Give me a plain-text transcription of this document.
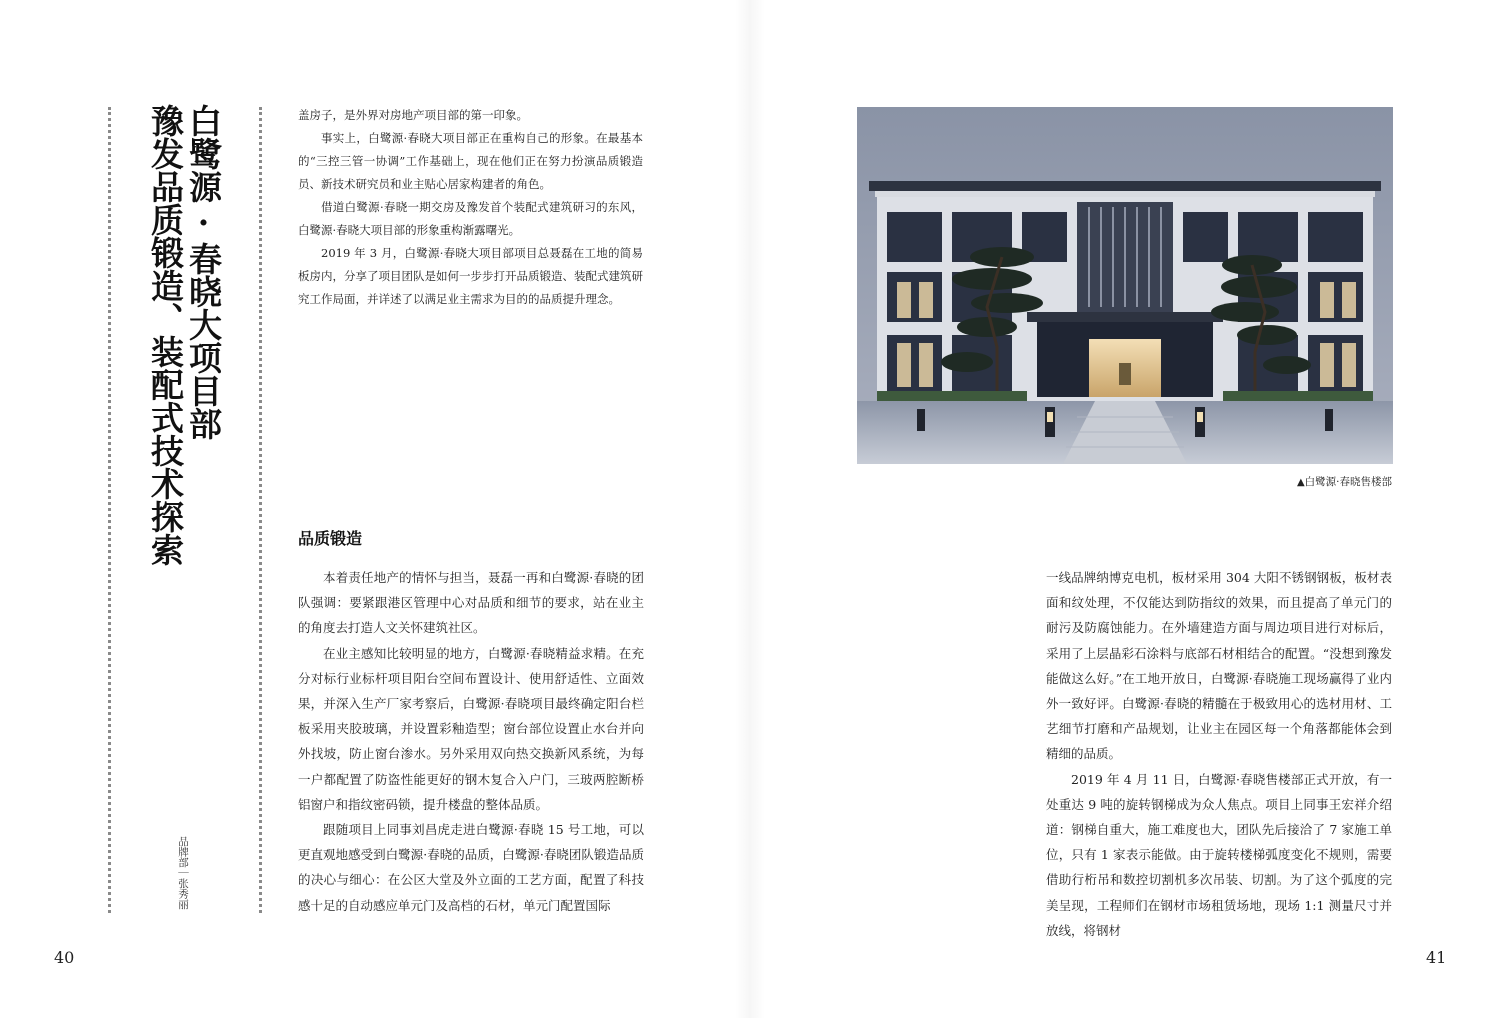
白鹭源·春晓大项目部
豫发品质锻造、装配式技术探索
品牌部｜张秀丽

盖房子，是外界对房地产项目部的第一印象。

事实上，白鹭源·春晓大项目部正在重构自己的形象。在最基本的“三控三管一协调”工作基础上，现在他们正在努力扮演品质锻造员、新技术研究员和业主贴心居家构建者的角色。

借道白鹭源·春晓一期交房及豫发首个装配式建筑研习的东风，白鹭源·春晓大项目部的形象重构渐露曙光。

2019 年 3 月，白鹭源·春晓大项目部项目总聂磊在工地的简易板房内，分享了项目团队是如何一步步打开品质锻造、装配式建筑研究工作局面，并详述了以满足业主需求为目的的品质提升理念。

品质锻造

本着责任地产的情怀与担当，聂磊一再和白鹭源·春晓的团队强调：要紧跟港区管理中心对品质和细节的要求，站在业主的角度去打造人文关怀建筑社区。

在业主感知比较明显的地方，白鹭源·春晓精益求精。在充分对标行业标杆项目阳台空间布置设计、使用舒适性、立面效果，并深入生产厂家考察后，白鹭源·春晓项目最终确定阳台栏板采用夹胶玻璃，并设置彩釉造型；窗台部位设置止水台并向外找坡，防止窗台渗水。另外采用双向热交换新风系统，为每一户都配置了防盗性能更好的钢木复合入户门，三玻两腔断桥铝窗户和指纹密码锁，提升楼盘的整体品质。

跟随项目上同事刘昌虎走进白鹭源·春晓 15 号工地，可以更直观地感受到白鹭源·春晓的品质，白鹭源·春晓团队锻造品质的决心与细心：在公区大堂及外立面的工艺方面，配置了科技感十足的自动感应单元门及高档的石材，单元门配置国际

40
▲白鹭源·春晓售楼部

一线品牌纳博克电机，板材采用 304 大阳不锈钢钢板，板材表面和纹处理，不仅能达到防指纹的效果，而且提高了单元门的耐污及防腐蚀能力。在外墙建造方面与周边项目进行对标后，采用了上层晶彩石涂料与底部石材相结合的配置。“没想到豫发能做这么好。”在工地开放日，白鹭源·春晓施工现场赢得了业内外一致好评。白鹭源·春晓的精髓在于极致用心的选材用材、工艺细节打磨和产品规划，让业主在园区每一个角落都能体会到精细的品质。

2019 年 4 月 11 日，白鹭源·春晓售楼部正式开放，有一处重达 9 吨的旋转钢梯成为众人焦点。项目上同事王宏祥介绍道：钢梯自重大，施工难度也大，团队先后接洽了 7 家施工单位，只有 1 家表示能做。由于旋转楼梯弧度变化不规则，需要借助行桁吊和数控切割机多次吊装、切割。为了这个弧度的完美呈现，工程师们在钢材市场租赁场地，现场 1:1 测量尺寸并放线，将钢材

41
